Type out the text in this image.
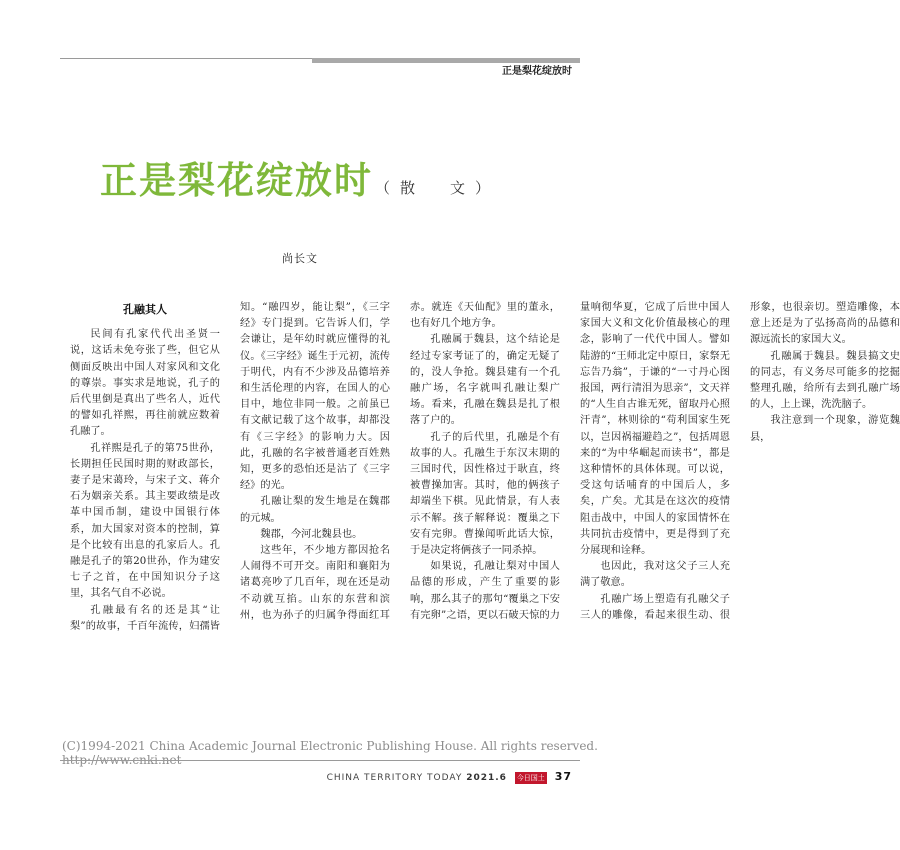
正是梨花绽放时
正是梨花绽放时 （散　文）
尚长文
孔融其人

民间有孔家代代出圣贤一说，这话未免夸张了些，但它从侧面反映出中国人对家风和文化的尊崇。事实求是地说，孔子的后代里倒是真出了些名人，近代的譬如孔祥熙，再往前就应数着孔融了。

孔祥熙是孔子的第75世孙，长期担任民国时期的财政部长，妻子是宋蔼玲，与宋子文、蒋介石为姻亲关系。其主要政绩是改革中国币制，建设中国银行体系，加大国家对资本的控制，算是个比较有出息的孔家后人。孔融是孔子的第20世孙，作为建安七子之首，在中国知识分子这里，其名气自不必说。

孔融最有名的还是其“让梨”的故事，千百年流传，妇孺皆知。“融四岁，能让梨”，《三字经》专门提到。它告诉人们，学会谦让，是年幼时就应懂得的礼仪。《三字经》诞生于元初，流传于明代，内有不少涉及品德培养和生活伦理的内容，在国人的心目中，地位非同一般。之前虽已有文献记载了这个故事，却都没有《三字经》的影响力大。因此，孔融的名字被普通老百姓熟知，更多的恐怕还是沾了《三字经》的光。

孔融让梨的发生地是在魏郡的元城。

魏郡，今河北魏县也。

这些年，不少地方都因抢名人闹得不可开交。南阳和襄阳为诸葛亮吵了几百年，现在还是动不动就互掐。山东的东营和滨州，也为孙子的归属争得面红耳赤。就连《天仙配》里的董永，也有好几个地方争。

孔融属于魏县，这个结论是经过专家考证了的，确定无疑了的，没人争抢。魏县建有一个孔融广场，名字就叫孔融让梨广场。看来，孔融在魏县是扎了根落了户的。

孔子的后代里，孔融是个有故事的人。孔融生于东汉末期的三国时代，因性格过于耿直，终被曹操加害。其时，他的俩孩子却端坐下棋。见此情景，有人表示不解。孩子解释说：覆巢之下安有完卵。曹操闻听此话大惊，于是决定将俩孩子一同杀掉。

如果说，孔融让梨对中国人品德的形成，产生了重要的影响，那么其子的那句“覆巢之下安有完卵”之语，更以石破天惊的力量响彻华夏，它成了后世中国人家国大义和文化价值最核心的理念，影响了一代代中国人。譬如陆游的“王师北定中原日，家祭无忘告乃翁”，于谦的“一寸丹心图报国，两行清泪为思亲”，文天祥的“人生自古谁无死，留取丹心照汗青”，林则徐的“苟利国家生死以，岂因祸福避趋之”，包括周恩来的“为中华崛起而读书”，都是这种情怀的具体体现。可以说，受这句话哺育的中国后人，多矣，广矣。尤其是在这次的疫情阻击战中，中国人的家国情怀在共同抗击疫情中，更是得到了充分展现和诠释。

也因此，我对这父子三人充满了敬意。

孔融广场上塑造有孔融父子三人的雕像，看起来很生动、很形象，也很亲切。塑造雕像，本意上还是为了弘扬高尚的品德和源远流长的家国大义。

孔融属于魏县。魏县搞文史的同志，有义务尽可能多的挖掘整理孔融，给所有去到孔融广场的人，上上课，洗洗脑子。

我注意到一个现象，游览魏县，

(C)1994-2021 China Academic Journal Electronic Publishing House. All rights reserved. http://www.cnki.net
CHINA TERRITORY TODAY 2021.6 今日国土 37
